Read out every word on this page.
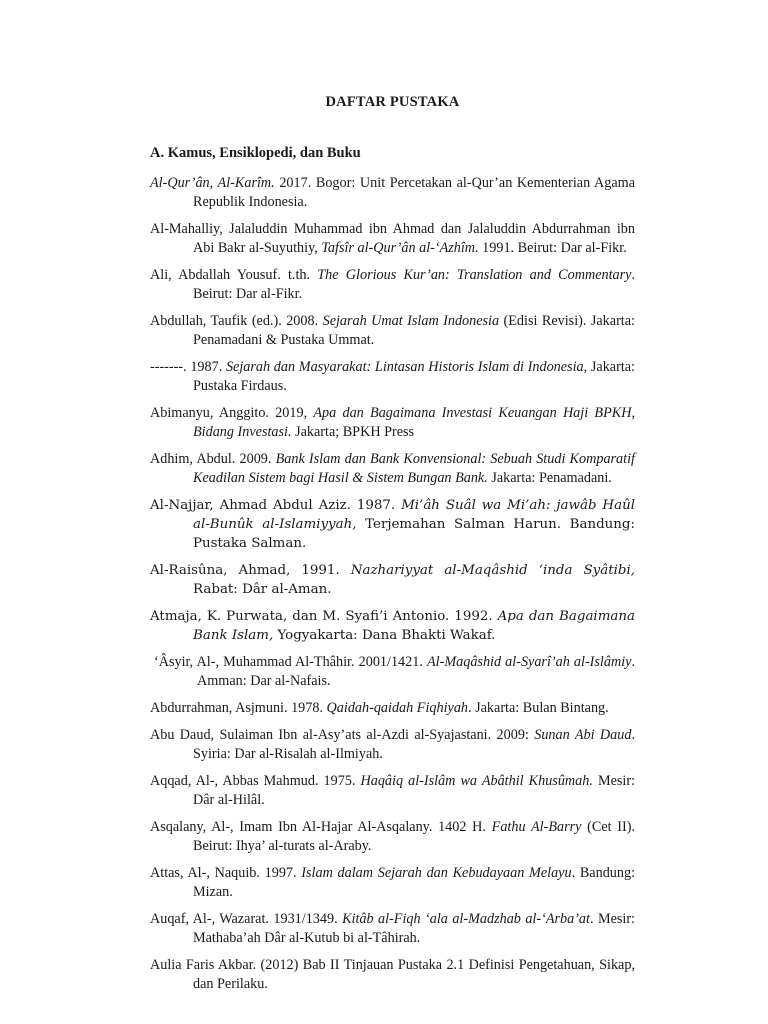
DAFTAR PUSTAKA
A. Kamus, Ensiklopedi, dan Buku
Al-Qur’ân, Al-Karîm. 2017. Bogor: Unit Percetakan al-Qur’an Kementerian Agama Republik Indonesia.
Al-Mahalliy, Jalaluddin Muhammad ibn Ahmad dan Jalaluddin Abdurrahman ibn Abi Bakr al-Suyuthiy, Tafsîr al-Qur’ân al-‘Azhîm. 1991. Beirut: Dar al-Fikr.
Ali, Abdallah Yousuf. t.th. The Glorious Kur’an: Translation and Commentary. Beirut: Dar al-Fikr.
Abdullah, Taufik (ed.). 2008. Sejarah Umat Islam Indonesia (Edisi Revisi). Jakarta: Penamadani & Pustaka Ummat.
-------. 1987. Sejarah dan Masyarakat: Lintasan Historis Islam di Indonesia, Jakarta: Pustaka Firdaus.
Abimanyu, Anggito. 2019, Apa dan Bagaimana Investasi Keuangan Haji BPKH, Bidang Investasi. Jakarta; BPKH Press
Adhim, Abdul. 2009. Bank Islam dan Bank Konvensional: Sebuah Studi Komparatif Keadilan Sistem bagi Hasil & Sistem Bungan Bank. Jakarta: Penamadani.
Al-Najjar, Ahmad Abdul Aziz. 1987. Mi’âh Suâl wa Mi’ah: jawâb Haûl al-Bunûk al-Islamiyyah, Terjemahan Salman Harun. Bandung: Pustaka Salman.
Al-Raisûna, Ahmad, 1991. Nazhariyyat al-Maqâshid ‘inda Syâtibi, Rabat: Dâr al-Aman.
Atmaja, K. Purwata, dan M. Syafi’i Antonio. 1992. Apa dan Bagaimana Bank Islam, Yogyakarta: Dana Bhakti Wakaf.
‘Âsyir, Al-, Muhammad Al-Thâhir. 2001/1421. Al-Maqâshid al-Syarî’ah al-Islâmiy. Amman: Dar al-Nafais.
Abdurrahman, Asjmuni. 1978. Qaidah-qaidah Fiqhiyah. Jakarta: Bulan Bintang.
Abu Daud, Sulaiman Ibn al-Asy’ats al-Azdi al-Syajastani. 2009: Sunan Abi Daud. Syiria: Dar al-Risalah al-Ilmiyah.
Aqqad, Al-, Abbas Mahmud. 1975. Haqâiq al-Islâm wa Abâthil Khusûmah. Mesir: Dâr al-Hilâl.
Asqalany, Al-, Imam Ibn Al-Hajar Al-Asqalany. 1402 H. Fathu Al-Barry (Cet II). Beirut: Ihya’ al-turats al-Araby.
Attas, Al-, Naquib. 1997. Islam dalam Sejarah dan Kebudayaan Melayu. Bandung: Mizan.
Auqaf, Al-, Wazarat. 1931/1349. Kitâb al-Fiqh ‘ala al-Madzhab al-‘Arba’at. Mesir: Mathaba’ah Dâr al-Kutub bi al-Tâhirah.
Aulia Faris Akbar. (2012) Bab II Tinjauan Pustaka 2.1 Definisi Pengetahuan, Sikap, dan Perilaku.
